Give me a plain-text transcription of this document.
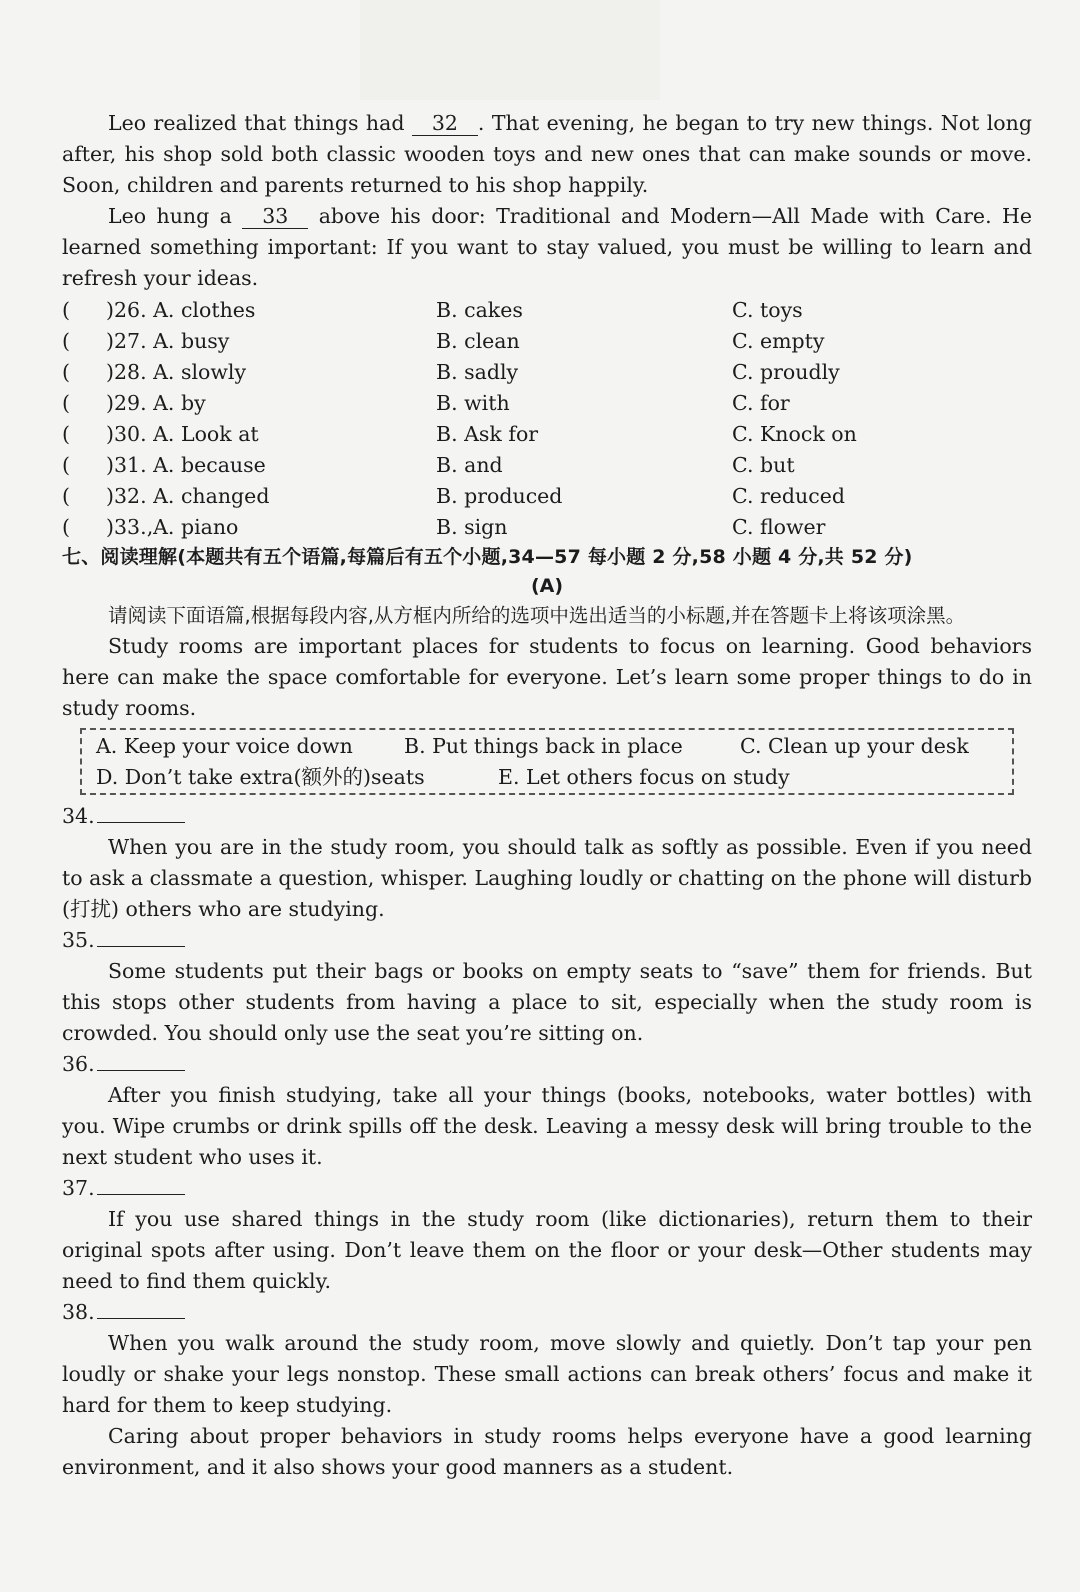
Leo realized that things had 32 . That evening, he began to try new things. Not long after, his shop sold both classic wooden toys and new ones that can make sounds or move. Soon, children and parents returned to his shop happily.

Leo hung a 33 above his door: Traditional and Modern—All Made with Care. He learned something important: If you want to stay valued, you must be willing to learn and refresh your ideas.

(	)26. A. clothes	B. cakes	C. toys
(	)27. A. busy	B. clean	C. empty
(	)28. A. slowly	B. sadly	C. proudly
(	)29. A. by	B. with	C. for
(	)30. A. Look at	B. Ask for	C. Knock on
(	)31. A. because	B. and	C. but
(	)32. A. changed	B. produced	C. reduced
(	)33.‚A. piano	B. sign	C. flower
七、阅读理解(本题共有五个语篇,每篇后有五个小题,34—57 每小题 2 分,58 小题 4 分,共 52 分)
(A)

请阅读下面语篇,根据每段内容,从方框内所给的选项中选出适当的小标题,并在答题卡上将该项涂黑。

Study rooms are important places for students to focus on learning. Good behaviors here can make the space comfortable for everyone. Let’s learn some proper things to do in study rooms.

A. Keep your voice down	B. Put things back in place	C. Clean up your desk
D. Don’t take extra(额外的)seats	E. Let others focus on study
34.

When you are in the study room, you should talk as softly as possible. Even if you need to ask a classmate a question, whisper. Laughing loudly or chatting on the phone will disturb (打扰) others who are studying.

35.

Some students put their bags or books on empty seats to “save” them for friends. But this stops other students from having a place to sit, especially when the study room is crowded. You should only use the seat you’re sitting on.

36.

After you finish studying, take all your things (books, notebooks, water bottles) with you. Wipe crumbs or drink spills off the desk. Leaving a messy desk will bring trouble to the next student who uses it.

37.

If you use shared things in the study room (like dictionaries), return them to their original spots after using. Don’t leave them on the floor or your desk—Other students may need to find them quickly.

38.

When you walk around the study room, move slowly and quietly. Don’t tap your pen loudly or shake your legs nonstop. These small actions can break others’ focus and make it hard for them to keep studying.

Caring about proper behaviors in study rooms helps everyone have a good learning environment, and it also shows your good manners as a student.
